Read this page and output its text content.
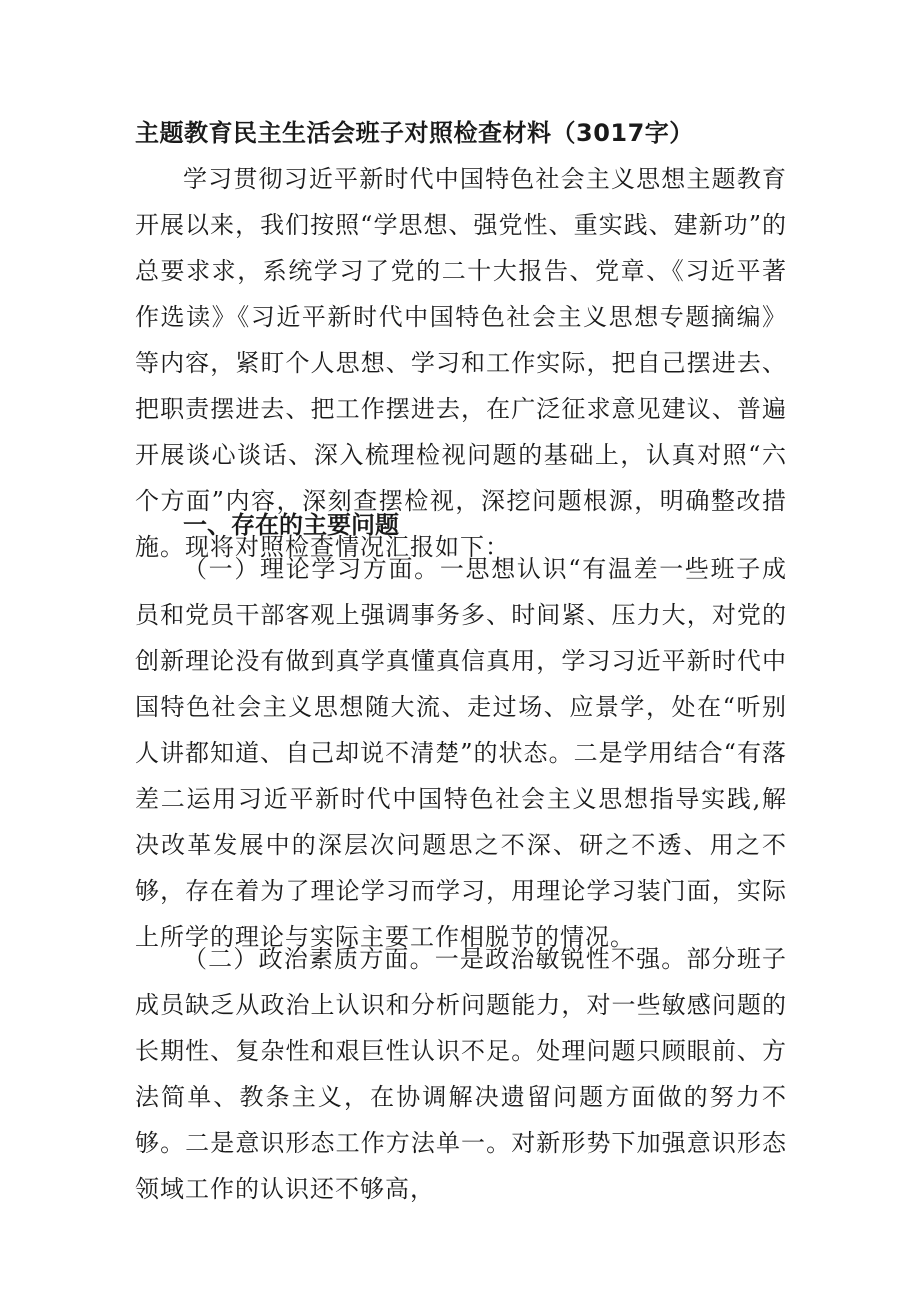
主题教育民主生活会班子对照检查材料（3017字）

学习贯彻习近平新时代中国特色社会主义思想主题教育开展以来，我们按照“学思想、强党性、重实践、建新功”的总要求求，系统学习了党的二十大报告、党章、《习近平著作选读》《习近平新时代中国特色社会主义思想专题摘编》等内容，紧盯个人思想、学习和工作实际，把自己摆进去、把职责摆进去、把工作摆进去，在广泛征求意见建议、普遍开展谈心谈话、深入梳理检视问题的基础上，认真对照“六个方面”内容，深刻查摆检视，深挖问题根源，明确整改措施。现将对照检查情况汇报如下：

一、存在的主要问题

（一）理论学习方面。一思想认识“有温差一些班子成员和党员干部客观上强调事务多、时间紧、压力大，对党的创新理论没有做到真学真懂真信真用，学习习近平新时代中国特色社会主义思想随大流、走过场、应景学，处在“听别人讲都知道、自己却说不清楚”的状态。二是学用结合“有落差二运用习近平新时代中国特色社会主义思想指导实践,解决改革发展中的深层次问题思之不深、研之不透、用之不够，存在着为了理论学习而学习，用理论学习装门面，实际上所学的理论与实际主要工作相脱节的情况。

（二）政治素质方面。一是政治敏锐性不强。部分班子成员缺乏从政治上认识和分析问题能力，对一些敏感问题的长期性、复杂性和艰巨性认识不足。处理问题只顾眼前、方法简单、教条主义，在协调解决遗留问题方面做的努力不够。二是意识形态工作方法单一。对新形势下加强意识形态领域工作的认识还不够高，
